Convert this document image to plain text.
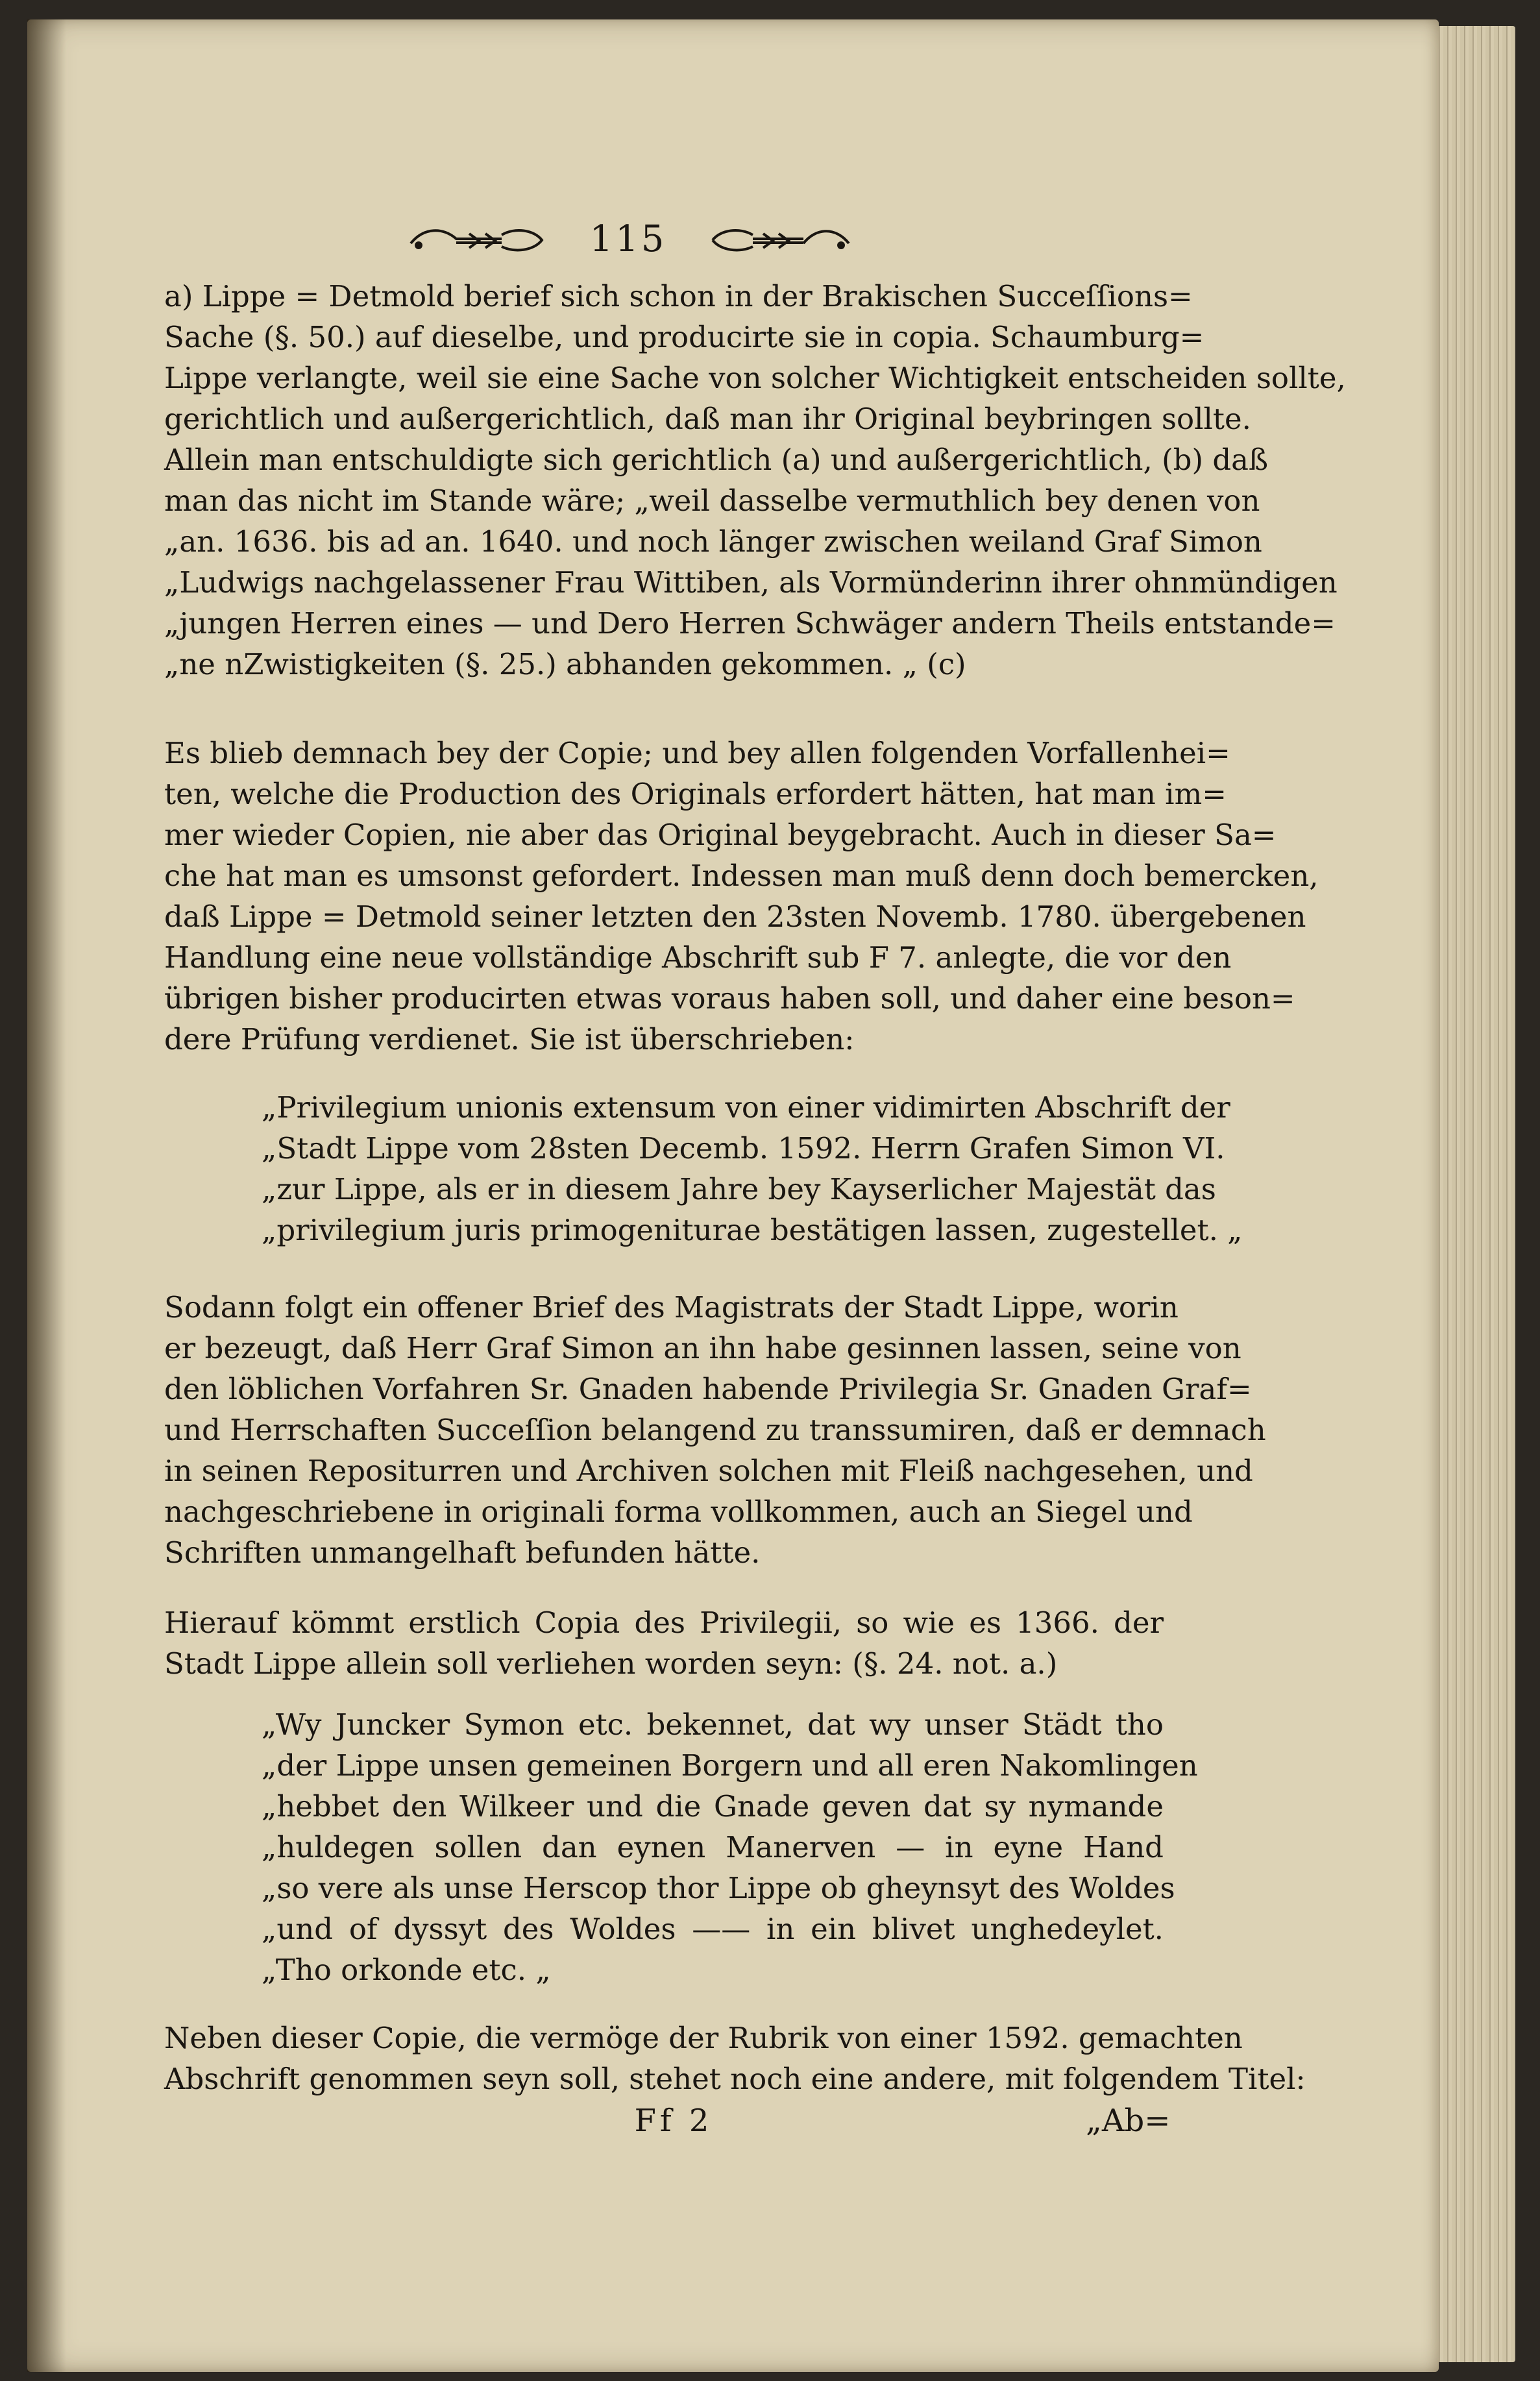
115
a) Lippe = Detmold berief sich schon in der Brakischen Succeſſions=
Sache (§. 50.) auf dieselbe, und producirte sie in copia. Schaumburg=
Lippe verlangte, weil sie eine Sache von solcher Wichtigkeit entscheiden sollte,
gerichtlich und außergerichtlich, daß man ihr Original beybringen sollte.
Allein man entschuldigte sich gerichtlich (a) und außergerichtlich, (b) daß
man das nicht im Stande wäre; „weil dasselbe vermuthlich bey denen von
„an. 1636. bis ad an. 1640. und noch länger zwischen weiland Graf Simon
„Ludwigs nachgelassener Frau Wittiben, als Vormünderinn ihrer ohnmündigen
„jungen Herren eines — und Dero Herren Schwäger andern Theils entstande=
„ne nZwistigkeiten (§. 25.) abhanden gekommen. „ (c)
Es blieb demnach bey der Copie; und bey allen folgenden Vorfallenhei=
ten, welche die Production des Originals erfordert hätten, hat man im=
mer wieder Copien, nie aber das Original beygebracht. Auch in dieser Sa=
che hat man es umsonst gefordert. Indessen man muß denn doch bemercken,
daß Lippe = Detmold seiner letzten den 23sten Novemb. 1780. übergebenen
Handlung eine neue vollständige Abschrift sub F 7. anlegte, die vor den
übrigen bisher producirten etwas voraus haben soll, und daher eine beson=
dere Prüfung verdienet. Sie ist überschrieben:
„Privilegium unionis extensum von einer vidimirten Abschrift der
„Stadt Lippe vom 28sten Decemb. 1592. Herrn Grafen Simon VI.
„zur Lippe, als er in diesem Jahre bey Kayserlicher Majestät das
„privilegium juris primogeniturae bestätigen lassen, zugestellet. „
Sodann folgt ein offener Brief des Magistrats der Stadt Lippe, worin
er bezeugt, daß Herr Graf Simon an ihn habe gesinnen lassen, seine von
den löblichen Vorfahren Sr. Gnaden habende Privilegia Sr. Gnaden Graf=
und Herrschaften Succeſſion belangend zu transsumiren, daß er demnach
in seinen Repositurren und Archiven solchen mit Fleiß nachgesehen, und
nachgeschriebene in originali forma vollkommen, auch an Siegel und
Schriften unmangelhaft befunden hätte.
Hierauf kömmt erstlich Copia des Privilegii, so wie es 1366. der
Stadt Lippe allein soll verliehen worden seyn: (§. 24. not. a.)
„Wy Juncker Symon etc. bekennet, dat wy unser Städt tho
„der Lippe unsen gemeinen Borgern und all eren Nakomlingen
„hebbet den Wilkeer und die Gnade geven dat sy nymande
„huldegen sollen dan eynen Manerven — in eyne Hand
„so vere als unse Herscop thor Lippe ob gheynsyt des Woldes
„und of dyssyt des Woldes —— in ein blivet unghedeylet.
„Tho orkonde etc. „
Neben dieser Copie, die vermöge der Rubrik von einer 1592. gemachten
Abschrift genommen seyn soll, stehet noch eine andere, mit folgendem Titel:
Ff 2	„Ab=
